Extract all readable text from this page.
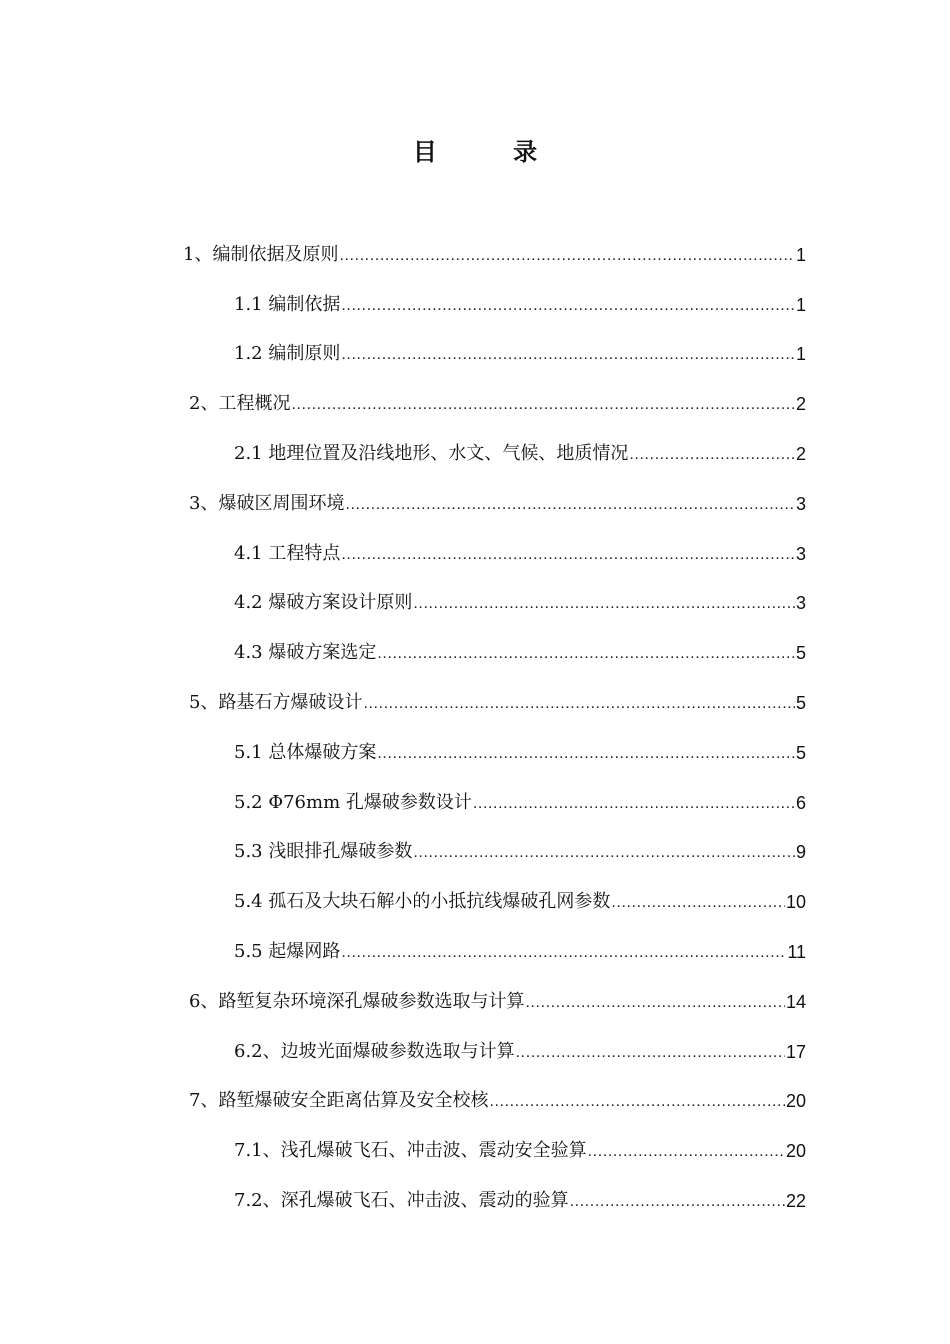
目 录
1、编制依据及原则 .....	1
1.1 编制依据 .....	1
1.2 编制原则 .....	1
2、工程概况 .....	2
2.1 地理位置及沿线地形、水文、气候、地质情况 .....	2
3、爆破区周围环境 .....	3
4.1 工程特点 .....	3
4.2 爆破方案设计原则 .....	3
4.3 爆破方案选定 .....	5
5、路基石方爆破设计 .....	5
5.1 总体爆破方案 .....	5
5.2 Φ76mm 孔爆破参数设计 .....	6
5.3 浅眼排孔爆破参数 .....	9
5.4 孤石及大块石解小的小抵抗线爆破孔网参数 .....	10
5.5 起爆网路 .....	11
6、路堑复杂环境深孔爆破参数选取与计算 .....	14
6.2、边坡光面爆破参数选取与计算 .....	17
7、路堑爆破安全距离估算及安全校核 .....	20
7.1、浅孔爆破飞石、冲击波、震动安全验算 .....	20
7.2、深孔爆破飞石、冲击波、震动的验算 .....	22
